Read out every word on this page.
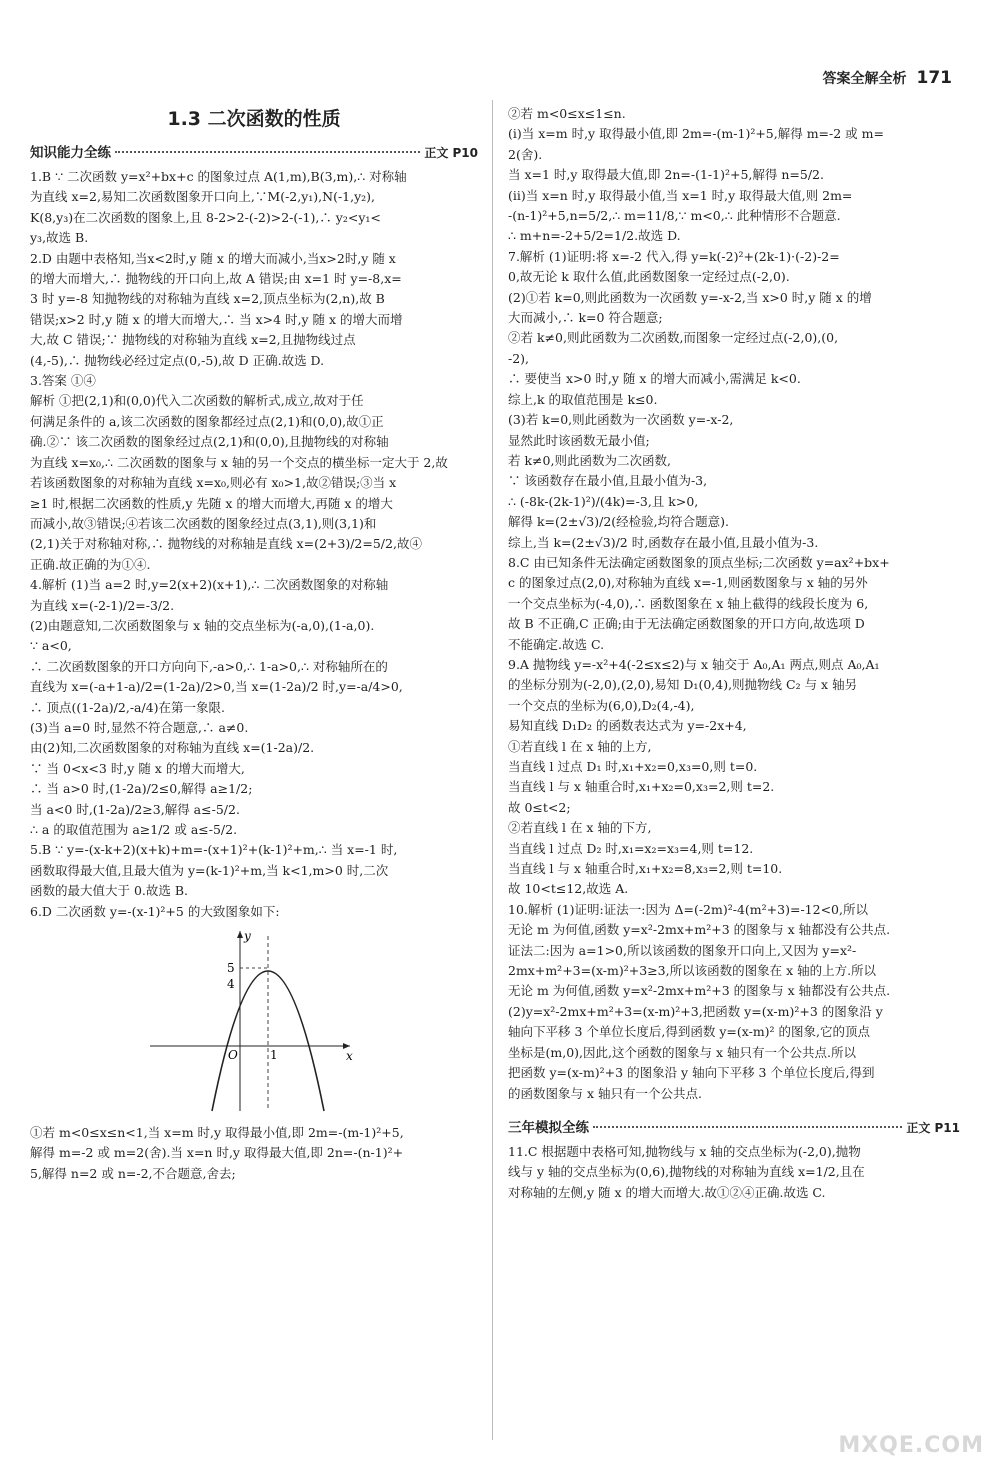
答案全解全析 171
1.3 二次函数的性质
知识能力全练	正文 P10

1.B ∵ 二次函数 y=x²+bx+c 的图象过点 A(1,m),B(3,m),∴ 对称轴

为直线 x=2,易知二次函数图象开口向上,∵M(-2,y₁),N(-1,y₂),

K(8,y₃)在二次函数的图象上,且 8-2>2-(-2)>2-(-1),∴ y₂<y₁<

y₃,故选 B.

2.D 由题中表格知,当x<2时,y 随 x 的增大而减小,当x>2时,y 随 x

的增大而增大,∴ 抛物线的开口向上,故 A 错误;由 x=1 时 y=-8,x=

3 时 y=-8 知抛物线的对称轴为直线 x=2,顶点坐标为(2,n),故 B

错误;x>2 时,y 随 x 的增大而增大,∴ 当 x>4 时,y 随 x 的增大而增

大,故 C 错误;∵ 抛物线的对称轴为直线 x=2,且抛物线过点

(4,-5),∴ 抛物线必经过定点(0,-5),故 D 正确.故选 D.

3.答案 ①④

解析 ①把(2,1)和(0,0)代入二次函数的解析式,成立,故对于任

何满足条件的 a,该二次函数的图象都经过点(2,1)和(0,0),故①正

确.②∵ 该二次函数的图象经过点(2,1)和(0,0),且抛物线的对称轴

为直线 x=x₀,∴ 二次函数的图象与 x 轴的另一个交点的横坐标一定大于 2,故

若该函数图象的对称轴为直线 x=x₀,则必有 x₀>1,故②错误;③当 x

≥1 时,根据二次函数的性质,y 先随 x 的增大而增大,再随 x 的增大

而减小,故③错误;④若该二次函数的图象经过点(3,1),则(3,1)和

(2,1)关于对称轴对称,∴ 抛物线的对称轴是直线 x=(2+3)/2=5/2,故④

正确.故正确的为①④.

4.解析 (1)当 a=2 时,y=2(x+2)(x+1),∴ 二次函数图象的对称轴

为直线 x=(-2-1)/2=-3/2.

(2)由题意知,二次函数图象与 x 轴的交点坐标为(-a,0),(1-a,0).

∵ a<0,

∴ 二次函数图象的开口方向向下,-a>0,∴ 1-a>0,∴ 对称轴所在的

直线为 x=(-a+1-a)/2=(1-2a)/2>0,当 x=(1-2a)/2 时,y=-a/4>0,

∴ 顶点((1-2a)/2,-a/4)在第一象限.

(3)当 a=0 时,显然不符合题意,∴ a≠0.

由(2)知,二次函数图象的对称轴为直线 x=(1-2a)/2.

∵ 当 0<x<3 时,y 随 x 的增大而增大,

∴ 当 a>0 时,(1-2a)/2≤0,解得 a≥1/2;

当 a<0 时,(1-2a)/2≥3,解得 a≤-5/2.

∴ a 的取值范围为 a≥1/2 或 a≤-5/2.

5.B ∵ y=-(x-k+2)(x+k)+m=-(x+1)²+(k-1)²+m,∴ 当 x=-1 时,

函数取得最大值,且最大值为 y=(k-1)²+m,当 k<1,m>0 时,二次

函数的最大值大于 0.故选 B.

6.D 二次函数 y=-(x-1)²+5 的大致图象如下:

y
x
O
5
4
1

①若 m<0≤x≤n<1,当 x=m 时,y 取得最小值,即 2m=-(m-1)²+5,

解得 m=-2 或 m=2(舍).当 x=n 时,y 取得最大值,即 2n=-(n-1)²+

5,解得 n=2 或 n=-2,不合题意,舍去;

②若 m<0≤x≤1≤n.

(i)当 x=m 时,y 取得最小值,即 2m=-(m-1)²+5,解得 m=-2 或 m=

2(舍).

当 x=1 时,y 取得最大值,即 2n=-(1-1)²+5,解得 n=5/2.

(ii)当 x=n 时,y 取得最小值,当 x=1 时,y 取得最大值,则 2m=

-(n-1)²+5,n=5/2,∴ m=11/8,∵ m<0,∴ 此种情形不合题意.

∴ m+n=-2+5/2=1/2.故选 D.

7.解析 (1)证明:将 x=-2 代入,得 y=k(-2)²+(2k-1)·(-2)-2=

0,故无论 k 取什么值,此函数图象一定经过点(-2,0).

(2)①若 k=0,则此函数为一次函数 y=-x-2,当 x>0 时,y 随 x 的增

大而减小,∴ k=0 符合题意;

②若 k≠0,则此函数为二次函数,而图象一定经过点(-2,0),(0,

-2),

∴ 要使当 x>0 时,y 随 x 的增大而减小,需满足 k<0.

综上,k 的取值范围是 k≤0.

(3)若 k=0,则此函数为一次函数 y=-x-2,

显然此时该函数无最小值;

若 k≠0,则此函数为二次函数,

∵ 该函数存在最小值,且最小值为-3,

∴ (-8k-(2k-1)²)/(4k)=-3,且 k>0,

解得 k=(2±√3)/2(经检验,均符合题意).

综上,当 k=(2±√3)/2 时,函数存在最小值,且最小值为-3.

8.C 由已知条件无法确定函数图象的顶点坐标;二次函数 y=ax²+bx+

c 的图象过点(2,0),对称轴为直线 x=-1,则函数图象与 x 轴的另外

一个交点坐标为(-4,0),∴ 函数图象在 x 轴上截得的线段长度为 6,

故 B 不正确,C 正确;由于无法确定函数图象的开口方向,故选项 D

不能确定.故选 C.

9.A 抛物线 y=-x²+4(-2≤x≤2)与 x 轴交于 A₀,A₁ 两点,则点 A₀,A₁

的坐标分别为(-2,0),(2,0),易知 D₁(0,4),则抛物线 C₂ 与 x 轴另

一个交点的坐标为(6,0),D₂(4,-4),

易知直线 D₁D₂ 的函数表达式为 y=-2x+4,

①若直线 l 在 x 轴的上方,

当直线 l 过点 D₁ 时,x₁+x₂=0,x₃=0,则 t=0.

当直线 l 与 x 轴重合时,x₁+x₂=0,x₃=2,则 t=2.

故 0≤t<2;

②若直线 l 在 x 轴的下方,

当直线 l 过点 D₂ 时,x₁=x₂=x₃=4,则 t=12.

当直线 l 与 x 轴重合时,x₁+x₂=8,x₃=2,则 t=10.

故 10<t≤12,故选 A.

10.解析 (1)证明:证法一:因为 Δ=(-2m)²-4(m²+3)=-12<0,所以

无论 m 为何值,函数 y=x²-2mx+m²+3 的图象与 x 轴都没有公共点.

证法二:因为 a=1>0,所以该函数的图象开口向上,又因为 y=x²-

2mx+m²+3=(x-m)²+3≥3,所以该函数的图象在 x 轴的上方.所以

无论 m 为何值,函数 y=x²-2mx+m²+3 的图象与 x 轴都没有公共点.

(2)y=x²-2mx+m²+3=(x-m)²+3,把函数 y=(x-m)²+3 的图象沿 y

轴向下平移 3 个单位长度后,得到函数 y=(x-m)² 的图象,它的顶点

坐标是(m,0),因此,这个函数的图象与 x 轴只有一个公共点.所以

把函数 y=(x-m)²+3 的图象沿 y 轴向下平移 3 个单位长度后,得到

的函数图象与 x 轴只有一个公共点.

三年模拟全练	正文 P11

11.C 根据题中表格可知,抛物线与 x 轴的交点坐标为(-2,0),抛物

线与 y 轴的交点坐标为(0,6),抛物线的对称轴为直线 x=1/2,且在

对称轴的左侧,y 随 x 的增大而增大.故①②④正确.故选 C.

MXQE.COM
